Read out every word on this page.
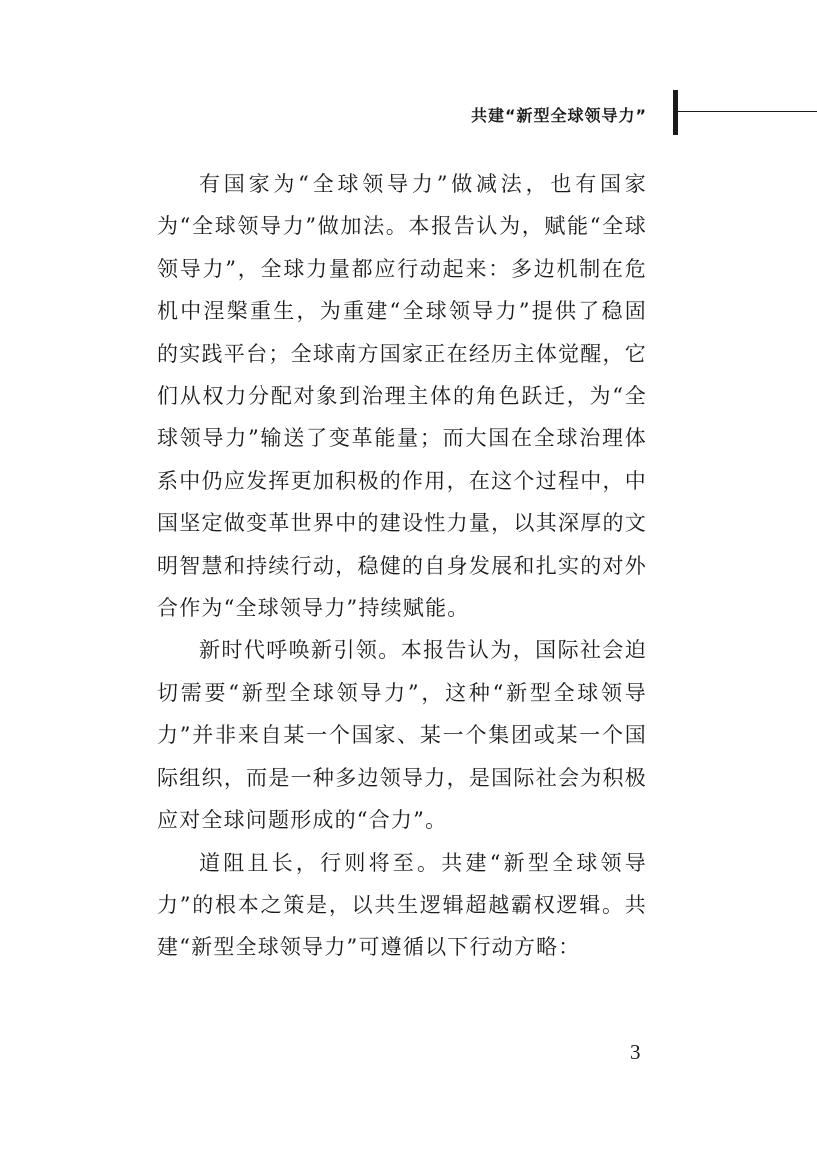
共建“新型全球领导力”

有国家为“全球领导力”做减法，也有国家为“全球领导力”做加法。本报告认为，赋能“全球领导力”，全球力量都应行动起来：多边机制在危机中涅槃重生，为重建“全球领导力”提供了稳固的实践平台；全球南方国家正在经历主体觉醒，它们从权力分配对象到治理主体的角色跃迁，为“全球领导力”输送了变革能量；而大国在全球治理体系中仍应发挥更加积极的作用，在这个过程中，中国坚定做变革世界中的建设性力量，以其深厚的文明智慧和持续行动，稳健的自身发展和扎实的对外合作为“全球领导力”持续赋能。

新时代呼唤新引领。本报告认为，国际社会迫切需要“新型全球领导力”，这种“新型全球领导力”并非来自某一个国家、某一个集团或某一个国际组织，而是一种多边领导力，是国际社会为积极应对全球问题形成的“合力”。

道阻且长，行则将至。共建“新型全球领导力”的根本之策是，以共生逻辑超越霸权逻辑。共建“新型全球领导力”可遵循以下行动方略：

3
